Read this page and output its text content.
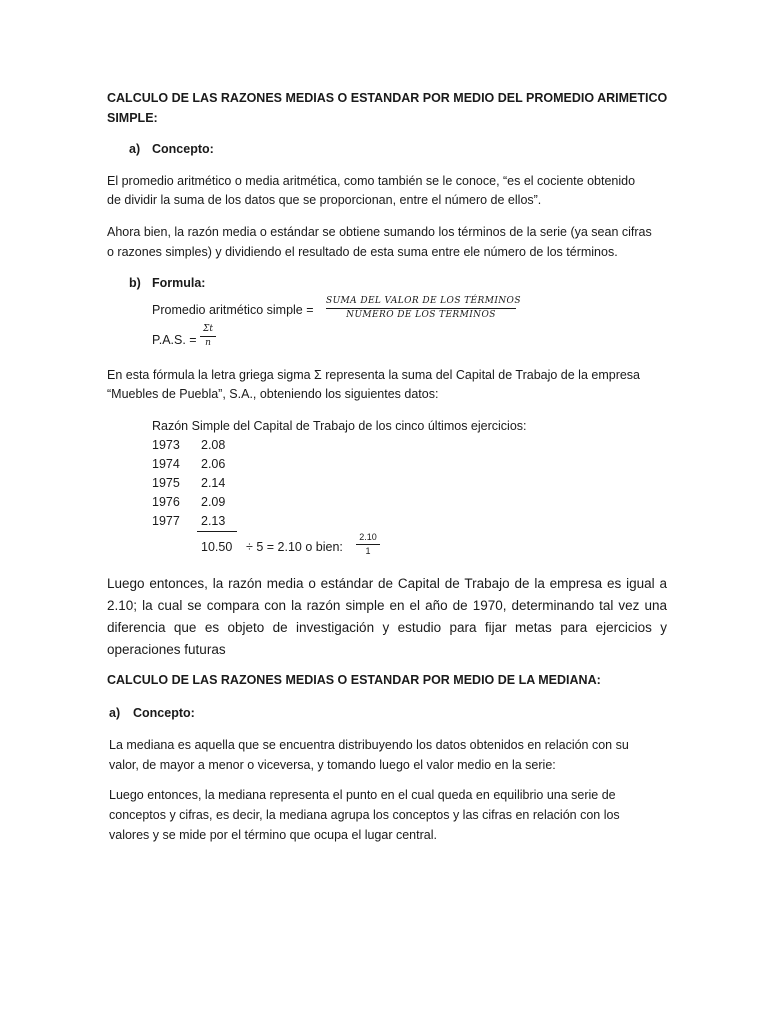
CALCULO DE LAS RAZONES MEDIAS O ESTANDAR POR MEDIO DEL PROMEDIO ARIMETICO
SIMPLE:
a) Concepto:
El promedio aritmético o media aritmética, como también se le conoce, “es el cociente obtenido
de dividir la suma de los datos que se proporcionan, entre el número de ellos”.
Ahora bien, la razón media o estándar se obtiene sumando los términos de la serie (ya sean cifras
o razones simples) y dividiendo el resultado de esta suma entre ele número de los términos.
b) Formula:
Promedio aritmético simple =
SUMA DEL VALOR DE LOS TÉRMINOS
NÚMERO DE LOS TERMINOS
P.A.S. =
Σt
n
En esta fórmula la letra griega sigma Σ representa la suma del Capital de Trabajo de la empresa
“Muebles de Puebla”, S.A., obteniendo los siguientes datos:
Razón Simple del Capital de Trabajo de los cinco últimos ejercicios:
1973 2.08
1974 2.06
1975 2.14
1976 2.09
1977 2.13
10.50 ÷ 5 = 2.10 o bien:
2.10
1
Luego entonces, la razón media o estándar de Capital de Trabajo de la empresa es igual a
2.10; la cual se compara con la razón simple en el año de 1970, determinando tal vez una
diferencia que es objeto de investigación y estudio para fijar metas para ejercicios y
operaciones futuras
CALCULO DE LAS RAZONES MEDIAS O ESTANDAR POR MEDIO DE LA MEDIANA:
a) Concepto:
La mediana es aquella que se encuentra distribuyendo los datos obtenidos en relación con su
valor, de mayor a menor o viceversa, y tomando luego el valor medio en la serie:
Luego entonces, la mediana representa el punto en el cual queda en equilibrio una serie de
conceptos y cifras, es decir, la mediana agrupa los conceptos y las cifras en relación con los
valores y se mide por el término que ocupa el lugar central.
